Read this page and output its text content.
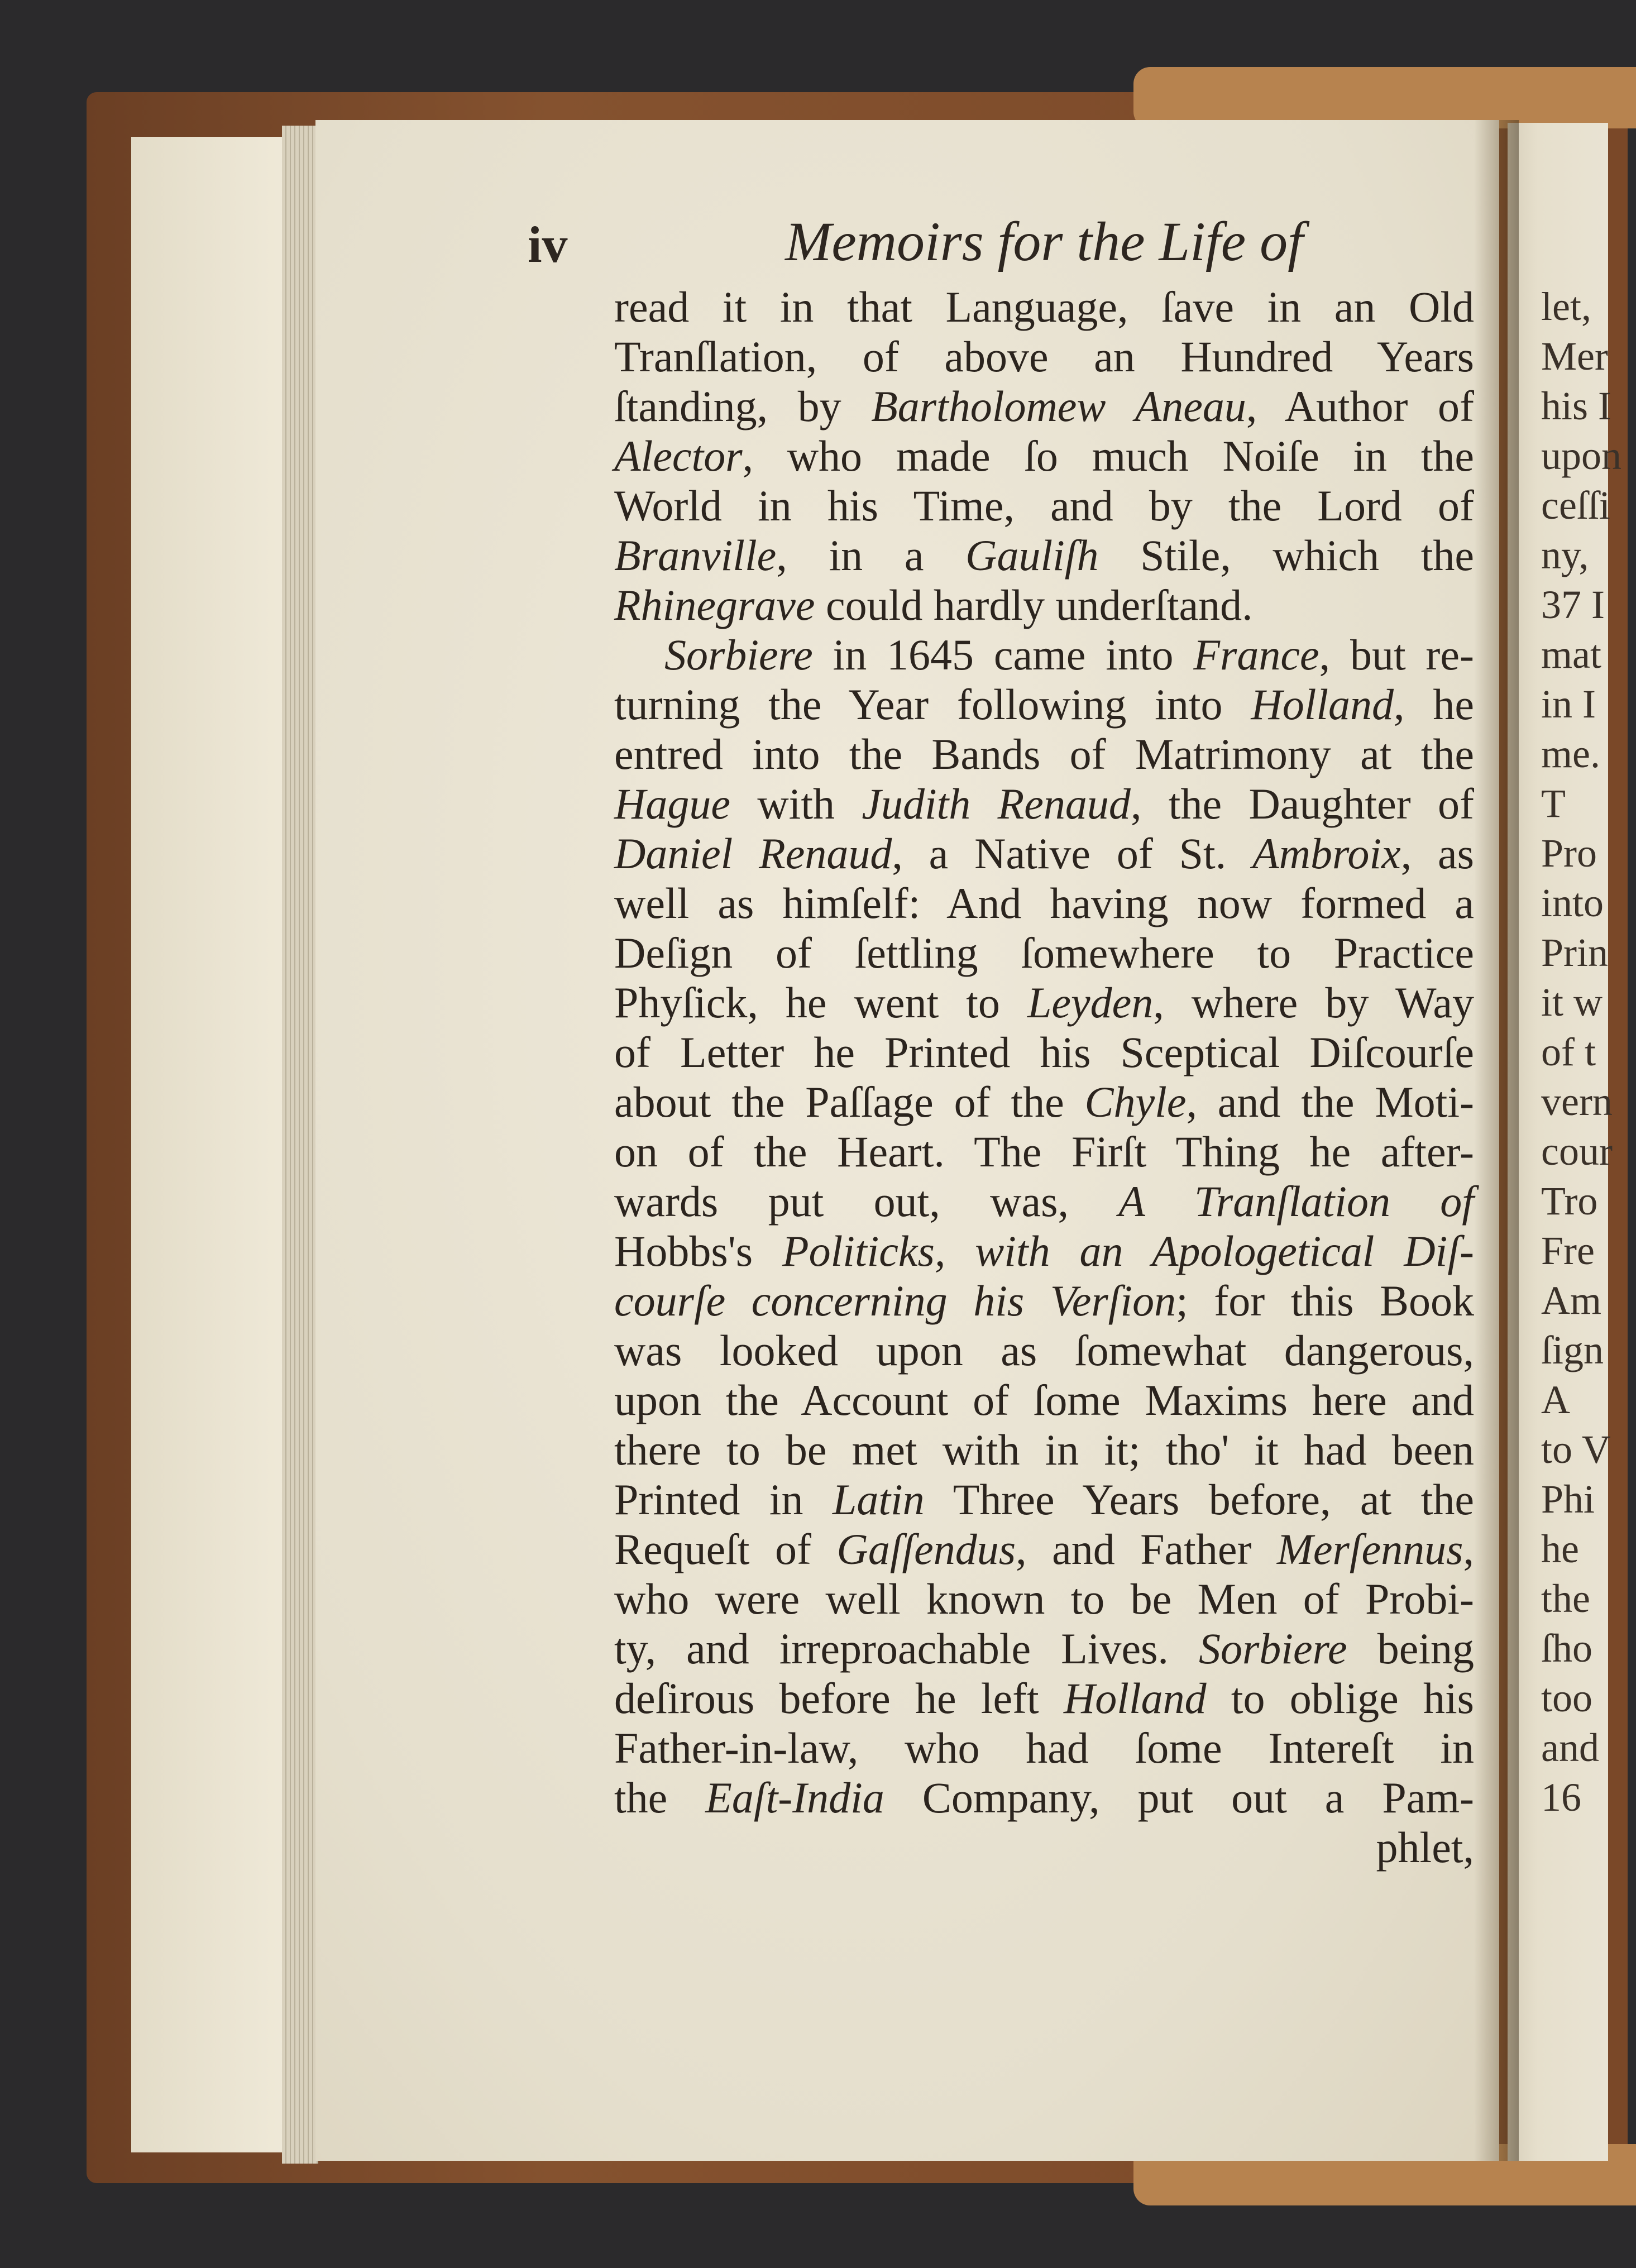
let,
Mer
his I
upon
ceſſi
ny,
37 I
mat
in I
me.
T
Pro
into
Prin
it w
of t
vern
cour
Tro
Fre
Am
ſign
A
to V
Phi
he
the
ſho
too
and
16
iv	Memoirs for the Life of
read it in that Language, ſave in an Old
Tranſlation, of above an Hundred Years
ſtanding, by Bartholomew Aneau, Author of
Alector, who made ſo much Noiſe in the
World in his Time, and by the Lord of
Branville, in a Gauliſh Stile, which the
Rhinegrave could hardly underſtand.
Sorbiere in 1645 came into France, but re-
turning the Year following into Holland, he
entred into the Bands of Matrimony at the
Hague with Judith Renaud, the Daughter of
Daniel Renaud, a Native of St. Ambroix, as
well as himſelf: And having now formed a
Deſign of ſettling ſomewhere to Practice
Phyſick, he went to Leyden, where by Way
of Letter he Printed his Sceptical Diſcourſe
about the Paſſage of the Chyle, and the Moti-
on of the Heart. The Firſt Thing he after-
wards put out, was, A Tranſlation of
Hobbs's Politicks, with an Apologetical Diſ-
courſe concerning his Verſion; for this Book
was looked upon as ſomewhat dangerous,
upon the Account of ſome Maxims here and
there to be met with in it; tho' it had been
Printed in Latin Three Years before, at the
Requeſt of Gaſſendus, and Father Merſennus,
who were well known to be Men of Probi-
ty, and irreproachable Lives. Sorbiere being
deſirous before he left Holland to oblige his
Father-in-law, who had ſome Intereſt in
the Eaſt-India Company, put out a Pam-
phlet,
